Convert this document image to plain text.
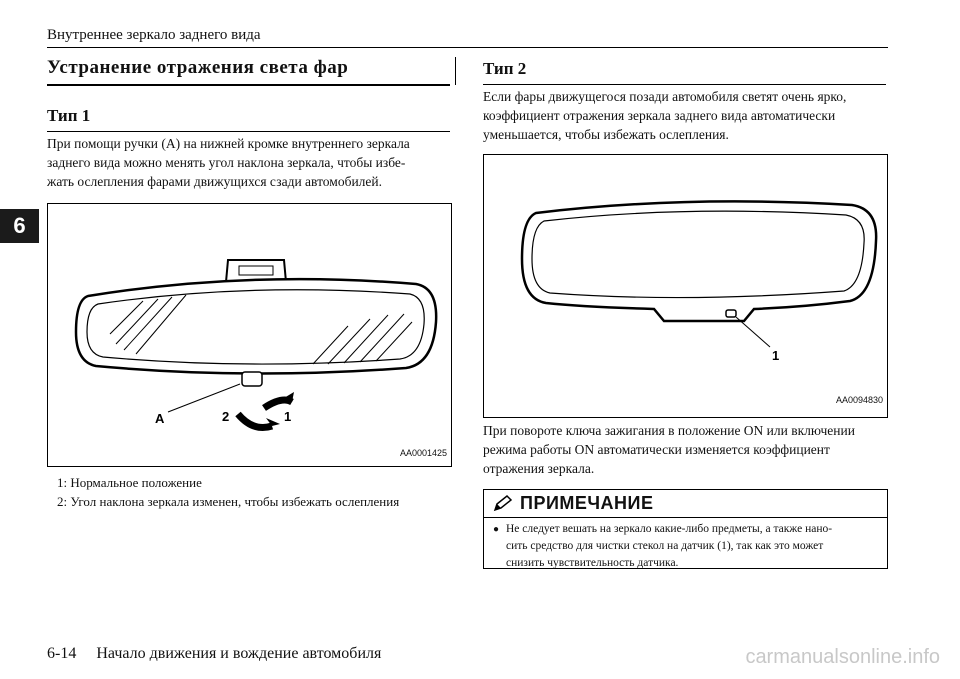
Внутреннее зеркало заднего вида
6
Устранение отражения света фар
Тип 1
При помощи ручки (A) на нижней кромке внутреннего зеркала
заднего вида можно менять угол наклона зеркала, чтобы избе-
жать ослепления фарами движущихся сзади автомобилей.
A	2	1
AA0001425
1: Нормальное положение
2: Угол наклона зеркала изменен, чтобы избежать ослепления
Тип 2
Если фары движущегося позади автомобиля светят очень ярко,
коэффициент отражения зеркала заднего вида автоматически
уменьшается, чтобы избежать ослепления.
1
AA0094830
При повороте ключа зажигания в положение ON или включении
режима работы ON автоматически изменяется коэффициент
отражения зеркала.
ПРИМЕЧАНИЕ
● Не следует вешать на зеркало какие-либо предметы, а также нано-
сить средство для чистки стекол на датчик (1), так как это может
снизить чувствительность датчика.
6-14 Начало движения и вождение автомобиля	carmanualsonline.info
